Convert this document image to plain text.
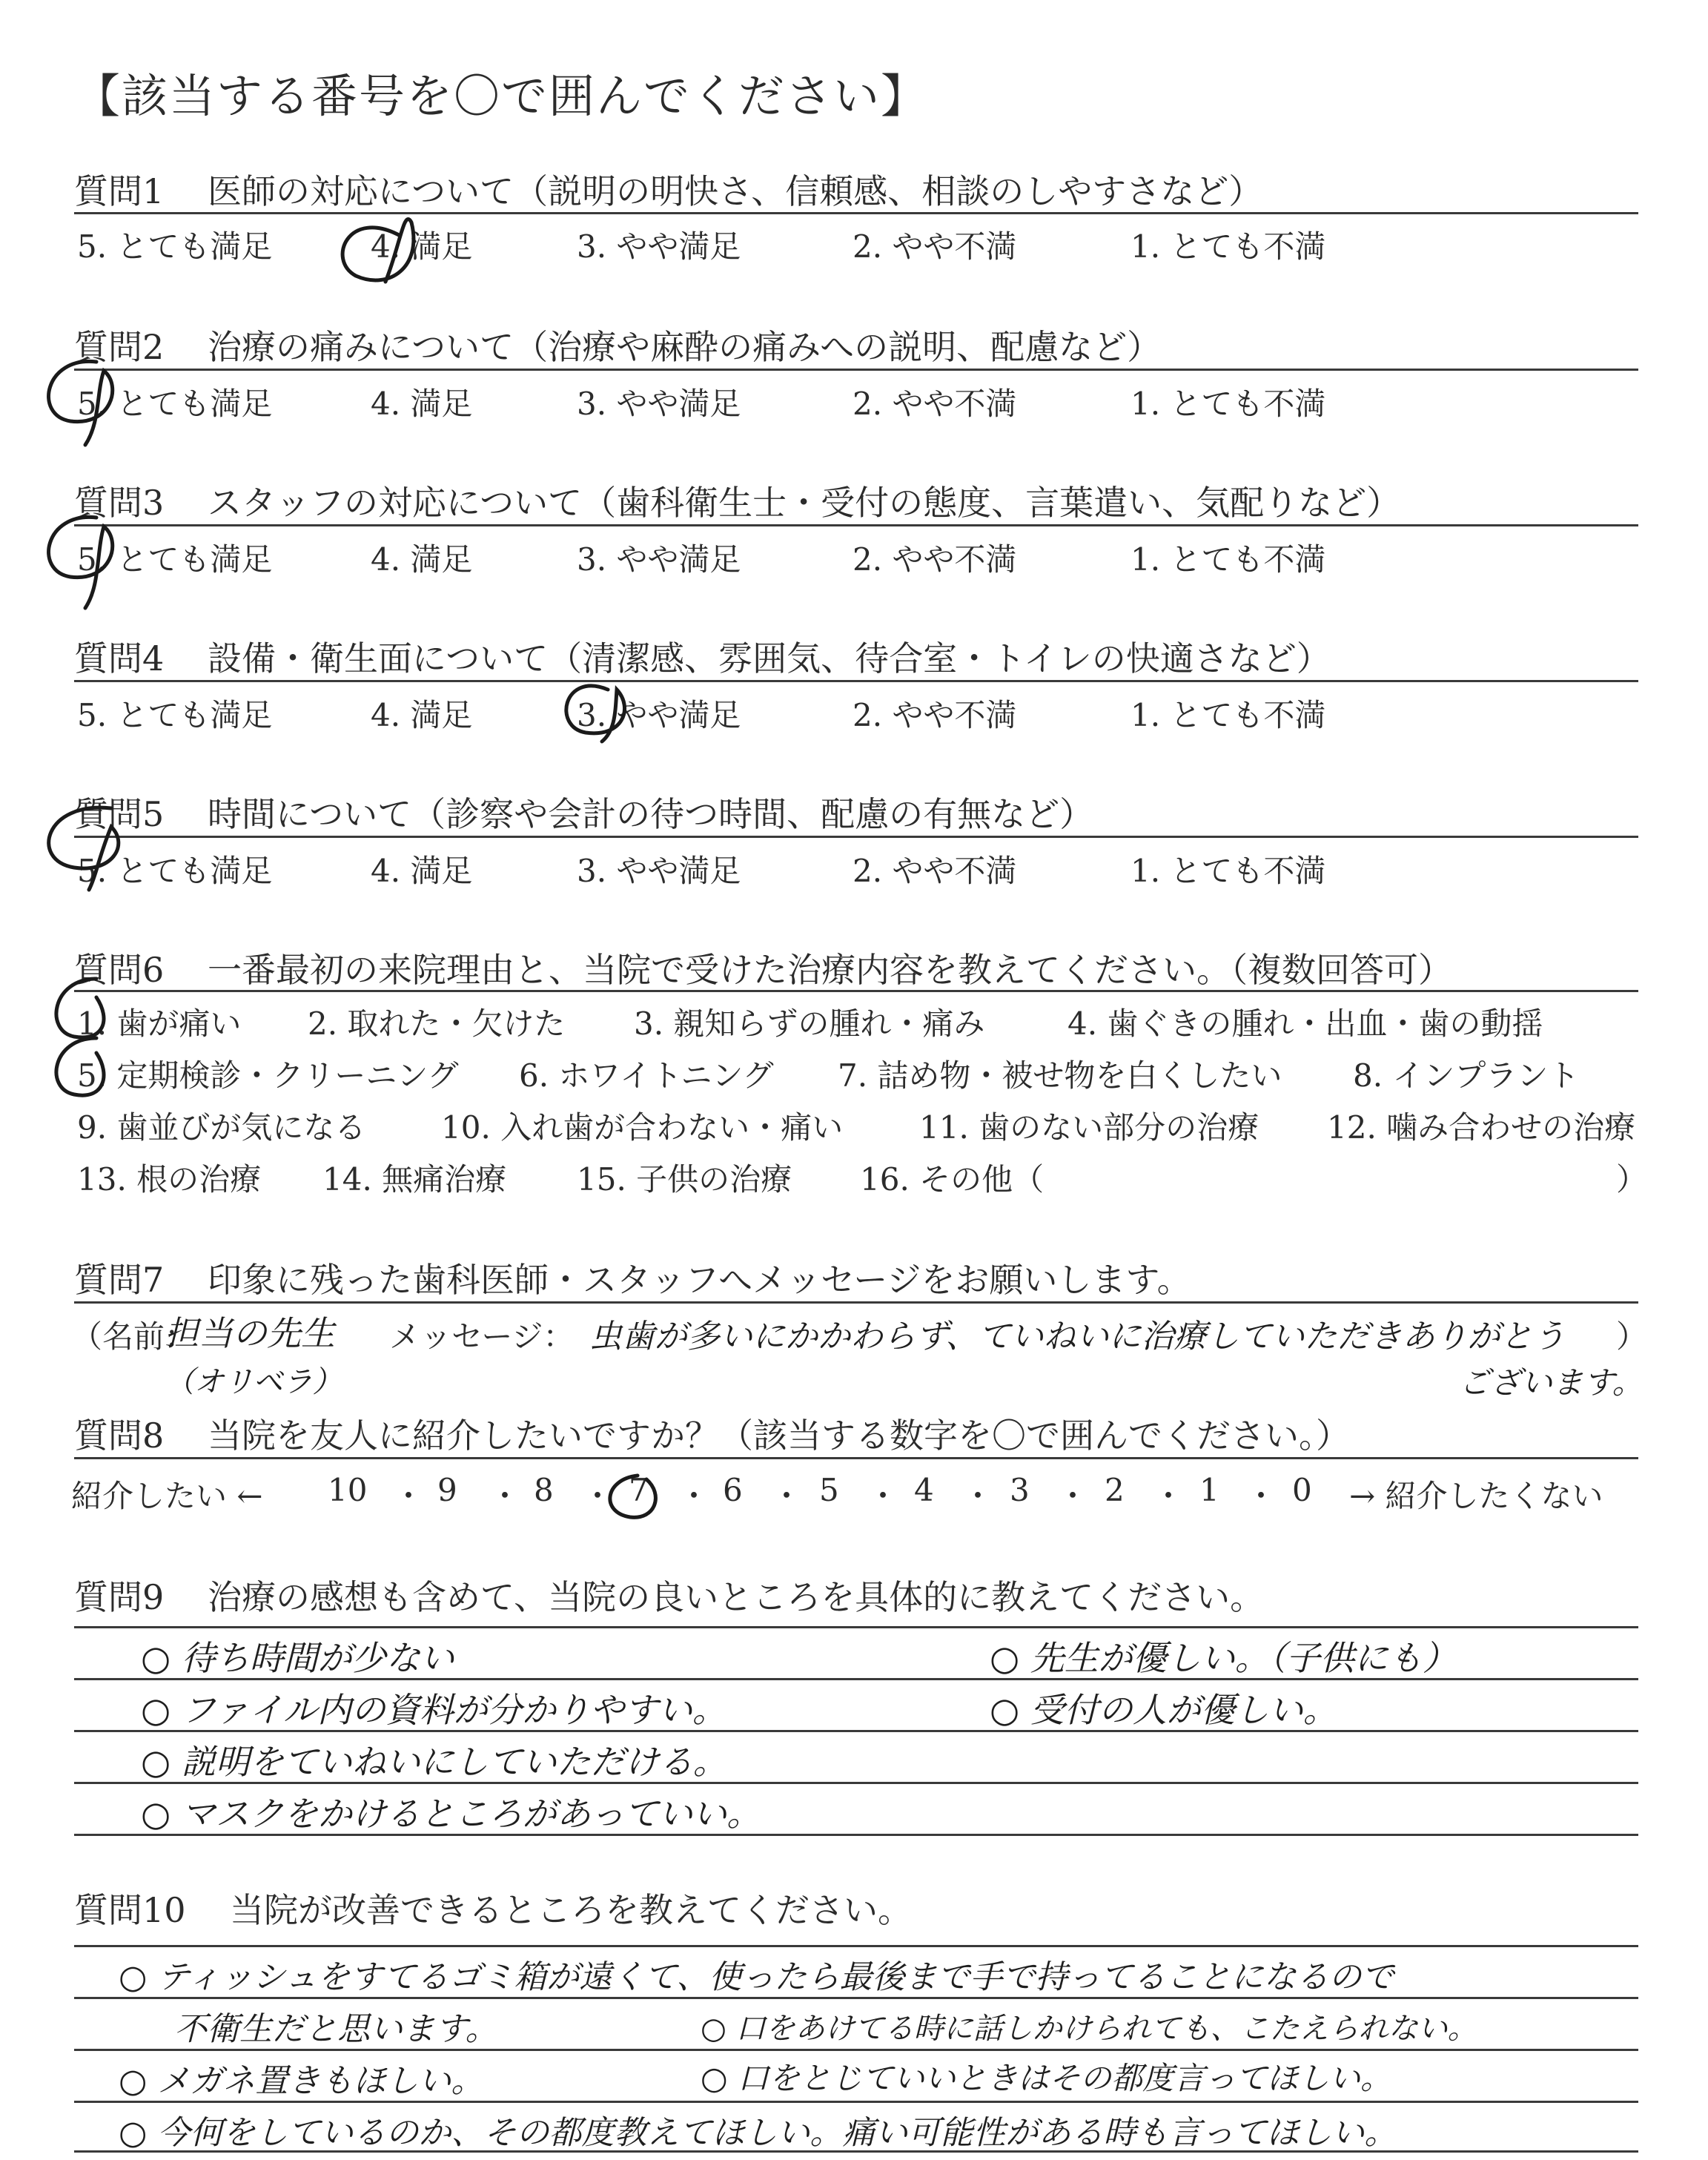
【該当する番号を〇で囲んでください】
質問1 医師の対応について（説明の明快さ、信頼感、相談のしやすさなど）
5. とても満足	4. 満足	3. やや満足	2. やや不満	1. とても不満
質問2 治療の痛みについて（治療や麻酔の痛みへの説明、配慮など）
5. とても満足	4. 満足	3. やや満足	2. やや不満	1. とても不満
質問3 スタッフの対応について（歯科衛生士・受付の態度、言葉遣い、気配りなど）
5. とても満足	4. 満足	3. やや満足	2. やや不満	1. とても不満
質問4 設備・衛生面について（清潔感、雰囲気、待合室・トイレの快適さなど）
5. とても満足	4. 満足	3. やや満足	2. やや不満	1. とても不満
質問5 時間について（診察や会計の待つ時間、配慮の有無など）
5. とても満足	4. 満足	3. やや満足	2. やや不満	1. とても不満
質問6 一番最初の来院理由と、当院で受けた治療内容を教えてください。（複数回答可）
1. 歯が痛い 2. 取れた・欠けた 3. 親知らずの腫れ・痛み	4. 歯ぐきの腫れ・出血・歯の動揺
5. 定期検診・クリーニング 6. ホワイトニング 7. 詰め物・被せ物を白くしたい 8. インプラント
9. 歯並びが気になる 10. 入れ歯が合わない・痛い 11. 歯のない部分の治療 12. 噛み合わせの治療
13. 根の治療 14. 無痛治療 15. 子供の治療 16. その他（	）
質問7 印象に残った歯科医師・スタッフへメッセージをお願いします。
（名前：
担当の先生
（オリベラ）
メッセージ： 虫歯が多いにかかわらず、ていねいに治療していただきありがとう
ございます。
）
質問8 当院を友人に紹介したいですか？（該当する数字を〇で囲んでください。）
紹介したい ← 10 ・ 9 ・ 8 ・ 7 ・ 6 ・ 5 ・ 4 ・ 3 ・ 2 ・ 1 ・ 0 → 紹介したくない
質問9 治療の感想も含めて、当院の良いところを具体的に教えてください。
○ 待ち時間が少ない	○ 先生が優しい。（子供にも）
○ ファイル内の資料が分かりやすい。	○ 受付の人が優しい。
○ 説明をていねいにしていただける。
○ マスクをかけるところがあっていい。
質問10 当院が改善できるところを教えてください。
○ ティッシュをすてるゴミ箱が遠くて、使ったら最後まで手で持ってることになるので
不衛生だと思います。	○ 口をあけてる時に話しかけられても、こたえられない。
○ メガネ置きもほしい。	○ 口をとじていいときはその都度言ってほしい。
○ 今何をしているのか、その都度教えてほしい。痛い可能性がある時も言ってほしい。
